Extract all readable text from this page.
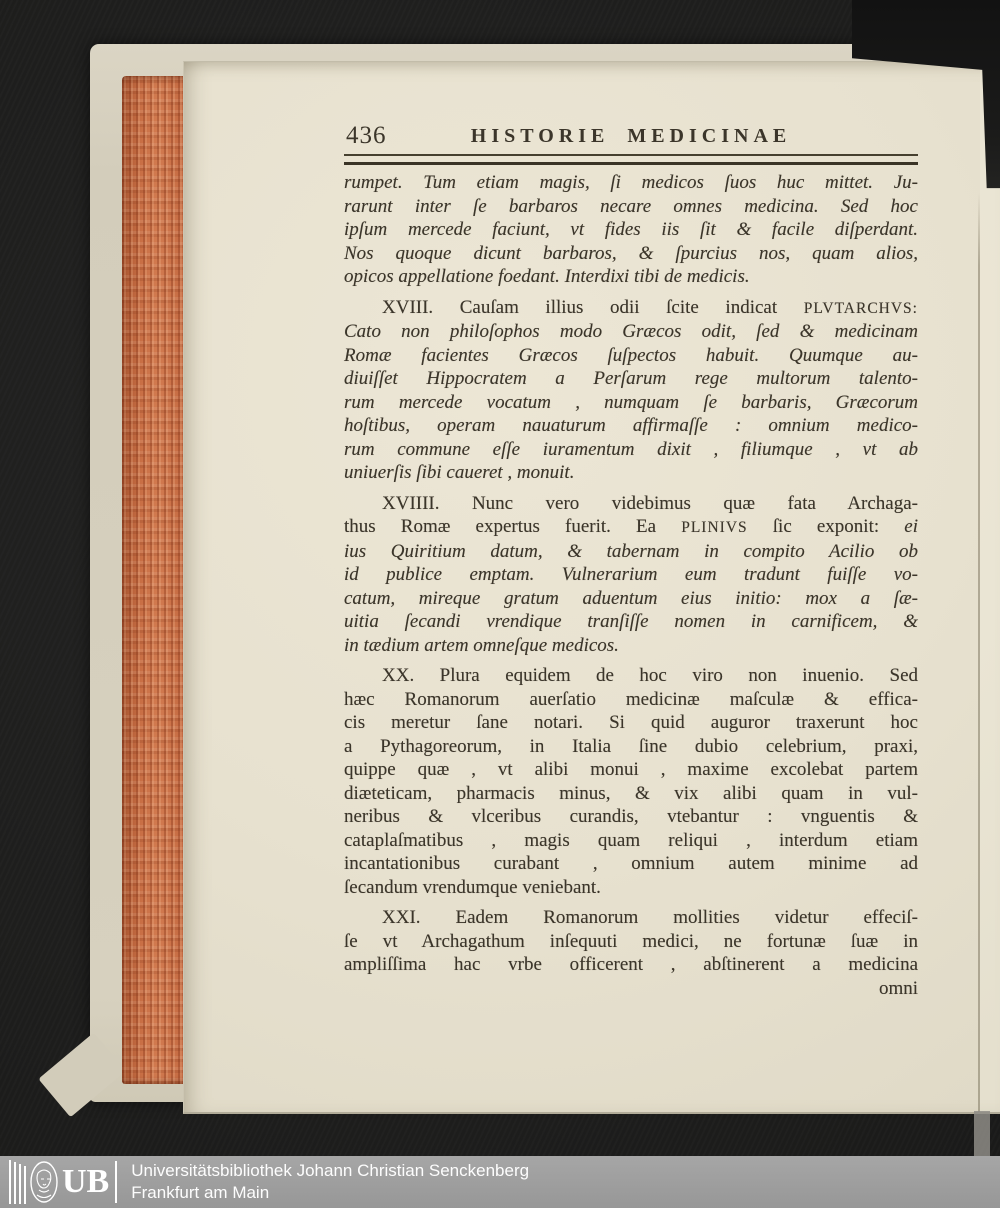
436	HISTORIE MEDICINAE
rumpet. Tum etiam magis, ſi medicos ſuos huc mittet. Ju-
rarunt inter ſe barbaros necare omnes medicina. Sed hoc
ipſum mercede faciunt, vt fides iis ſit & facile diſperdant.
Nos quoque dicunt barbaros, & ſpurcius nos, quam alios,
opicos appellatione foedant. Interdixi tibi de medicis.
XVIII. Cauſam illius odii ſcite indicat PLVTARCHVS:
Cato non philoſophos modo Græcos odit, ſed & medicinam
Romæ facientes Græcos ſuſpectos habuit. Quumque au-
diuiſſet Hippocratem a Perſarum rege multorum talento-
rum mercede vocatum , numquam ſe barbaris, Græcorum
hoſtibus, operam nauaturum affirmaſſe : omnium medico-
rum commune eſſe iuramentum dixit , filiumque , vt ab
uniuerſis ſibi caueret , monuit.
XVIIII. Nunc vero videbimus quæ fata Archaga-
thus Romæ expertus fuerit. Ea PLINIVS ſic exponit: ei
ius Quiritium datum, & tabernam in compito Acilio ob
id publice emptam. Vulnerarium eum tradunt fuiſſe vo-
catum, mireque gratum aduentum eius initio: mox a ſæ-
uitia ſecandi vrendique tranſiſſe nomen in carnificem, &
in tædium artem omneſque medicos.
XX. Plura equidem de hoc viro non inuenio. Sed
hæc Romanorum auerſatio medicinæ maſculæ & effica-
cis meretur ſane notari. Si quid auguror traxerunt hoc
a Pythagoreorum, in Italia ſine dubio celebrium, praxi,
quippe quæ , vt alibi monui , maxime excolebat partem
diæteticam, pharmacis minus, & vix alibi quam in vul-
neribus & vlceribus curandis, vtebantur : vnguentis &
cataplaſmatibus , magis quam reliqui , interdum etiam
incantationibus curabant , omnium autem minime ad
ſecandum vrendumque veniebant.
XXI. Eadem Romanorum mollities videtur effeciſ-
ſe vt Archagathum inſequuti medici, ne fortunæ ſuæ in
ampliſſima hac vrbe officerent , abſtinerent a medicina
omni
UB Universitätsbibliothek Johann Christian Senckenberg
Frankfurt am Main
